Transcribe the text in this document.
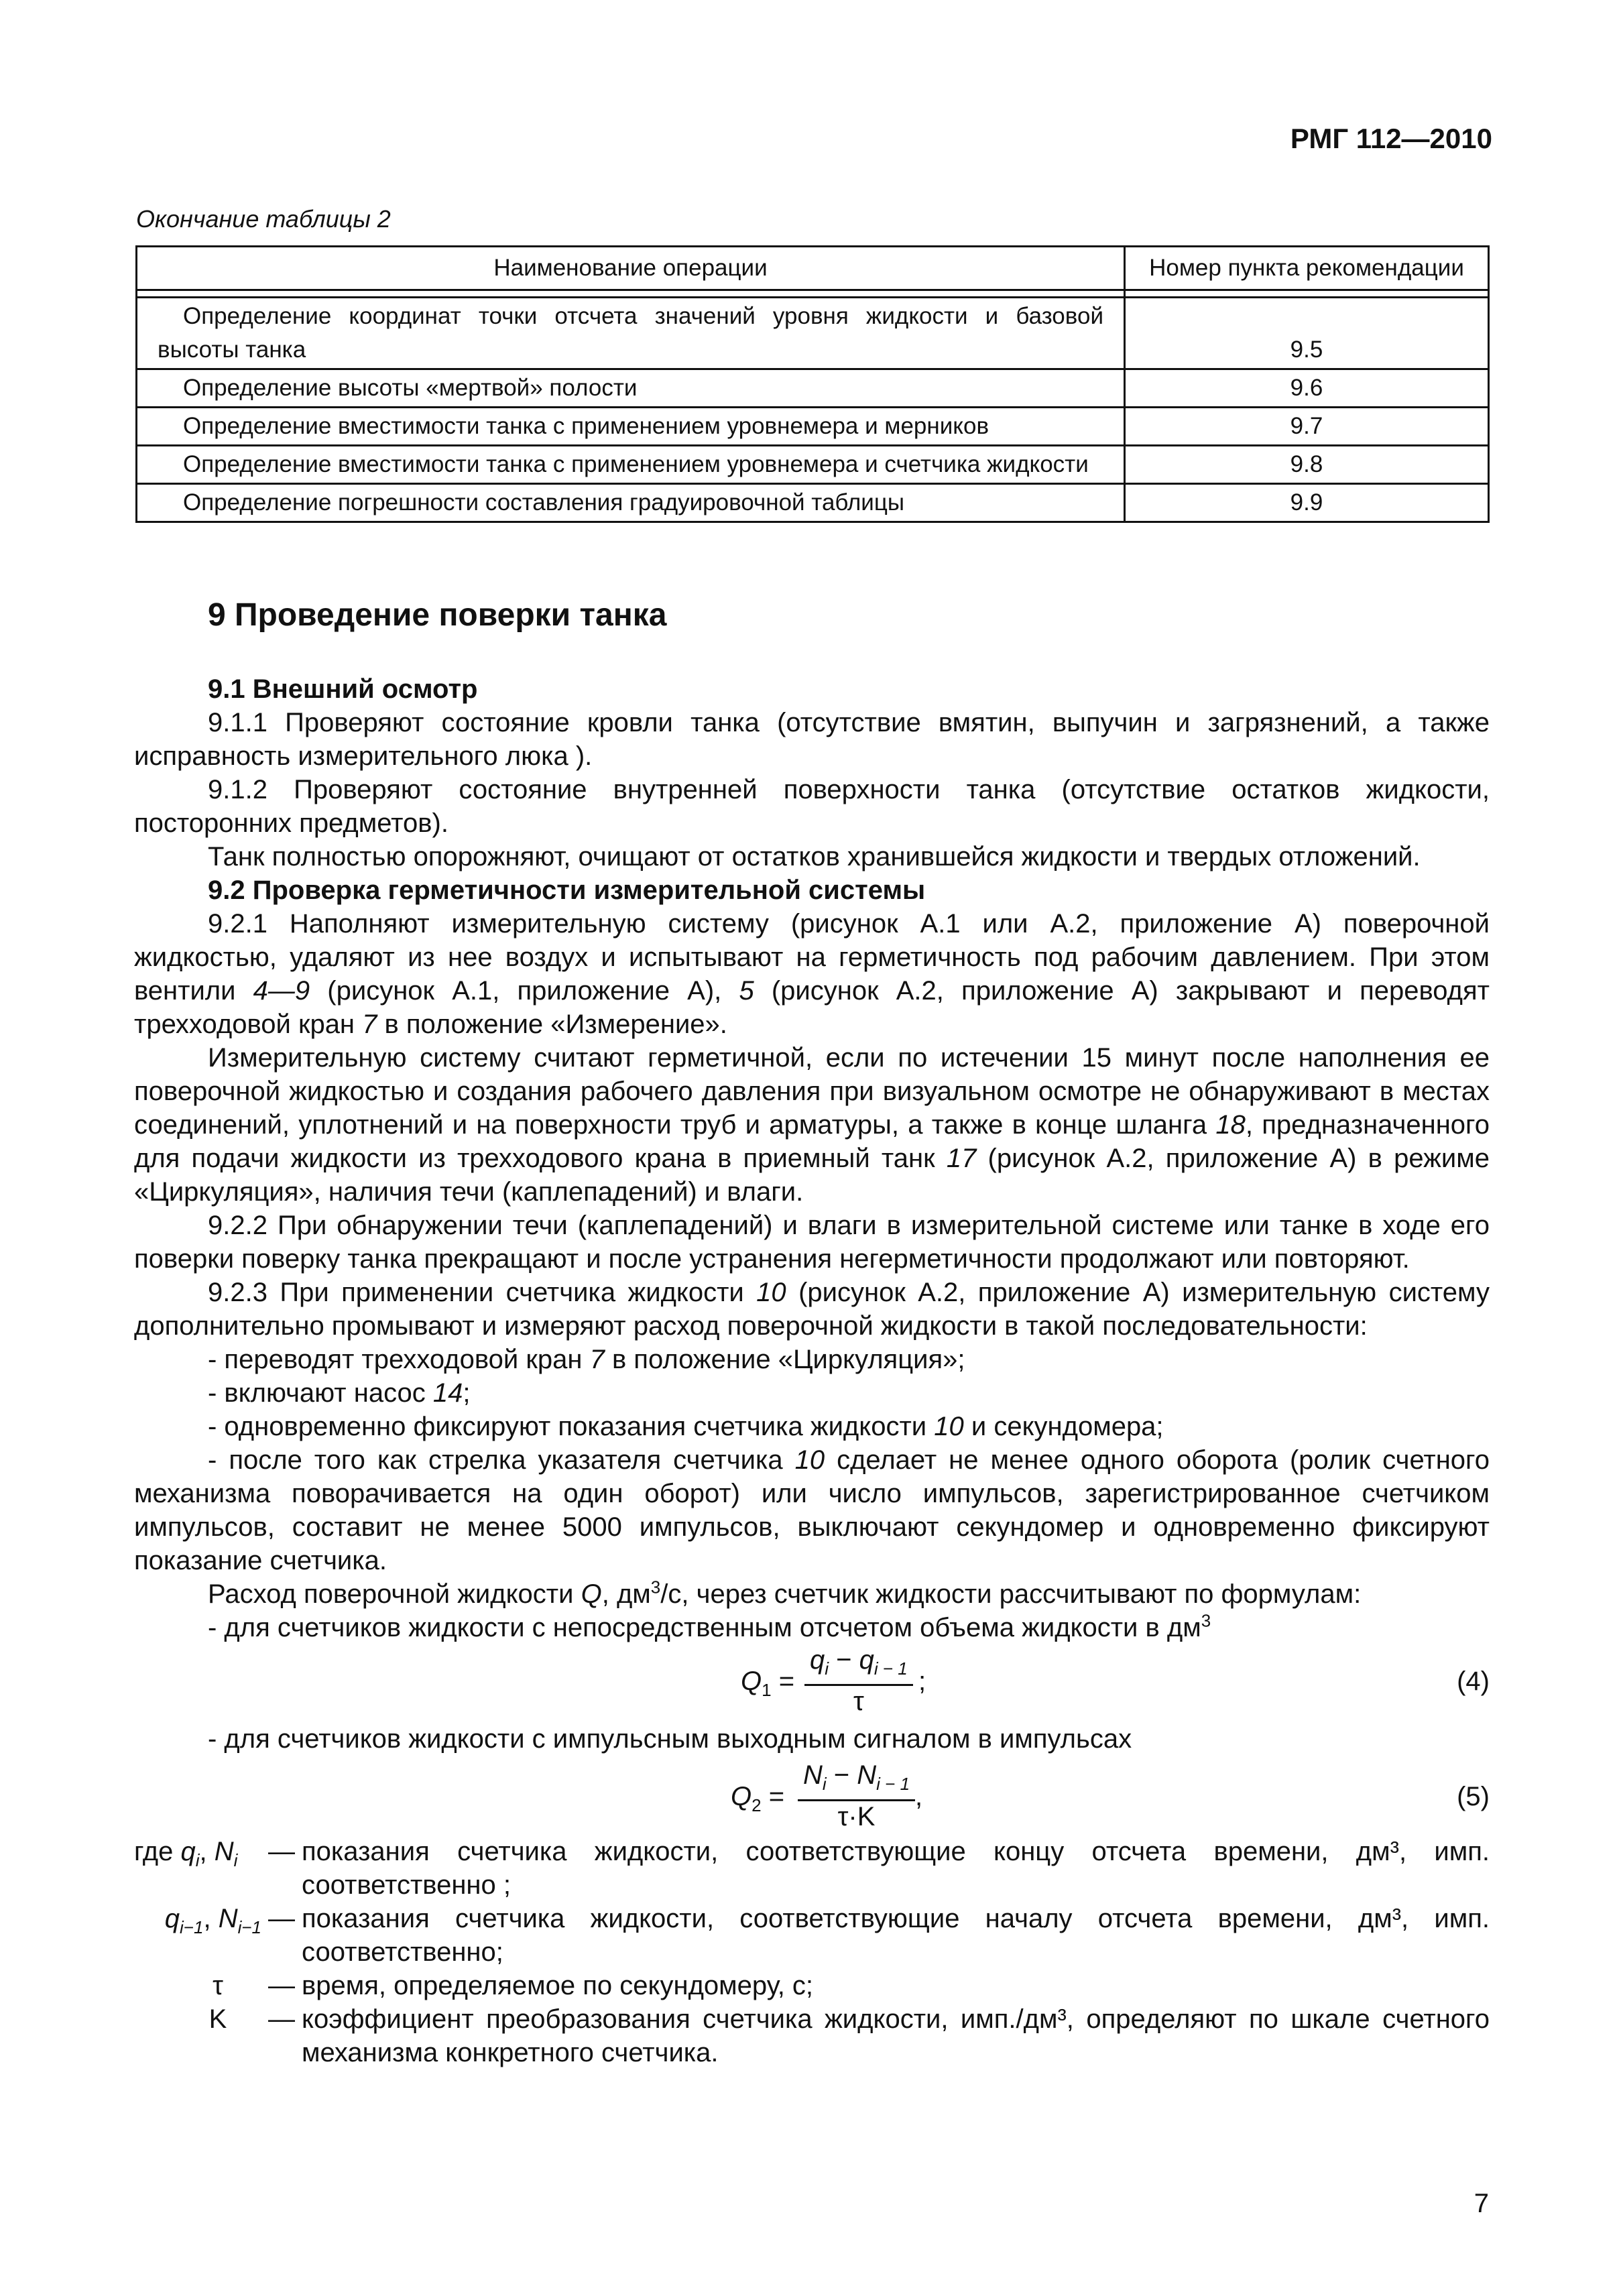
РМГ 112—2010
Окончание таблицы 2
Наименование операции	Номер пункта рекомендации

Определение координат точки отсчета значений уровня жидкости и базовой высоты танка	9.5
Определение высоты «мертвой» полости	9.6
Определение вместимости танка с применением уровнемера и мерников	9.7
Определение вместимости танка с применением уровнемера и счетчика жидкости	9.8
Определение погрешности составления градуировочной таблицы	9.9
9 Проведение поверки танка

9.1 Внешний осмотр

9.1.1 Проверяют состояние кровли танка (отсутствие вмятин, выпучин и загрязнений, а также исправность измерительного люка ).

9.1.2 Проверяют состояние внутренней поверхности танка (отсутствие остатков жидкости, посторонних предметов).

Танк полностью опорожняют, очищают от остатков хранившейся жидкости и твердых отложений.

9.2 Проверка герметичности измерительной системы

9.2.1 Наполняют измерительную систему (рисунок А.1 или А.2, приложение А) поверочной жидкостью, удаляют из нее воздух и испытывают на герметичность под рабочим давлением. При этом вентили 4—9 (рисунок А.1, приложение А), 5 (рисунок А.2, приложение А) закрывают и переводят трехходовой кран 7 в положение «Измерение».

Измерительную систему считают герметичной, если по истечении 15 минут после наполнения ее поверочной жидкостью и создания рабочего давления при визуальном осмотре не обнаруживают в местах соединений, уплотнений и на поверхности труб и арматуры, а также в конце шланга 18, предназначенного для подачи жидкости из трехходового крана в приемный танк 17 (рисунок А.2, приложение А) в режиме «Циркуляция», наличия течи (каплепадений) и влаги.

9.2.2 При обнаружении течи (каплепадений) и влаги в измерительной системе или танке в ходе его поверки поверку танка прекращают и после устранения негерметичности продолжают или повторяют.

9.2.3 При применении счетчика жидкости 10 (рисунок А.2, приложение А) измерительную систему дополнительно промывают и измеряют расход поверочной жидкости в такой последовательности:

- переводят трехходовой кран 7 в положение «Циркуляция»;

- включают насос 14;

- одновременно фиксируют показания счетчика жидкости 10 и секундомера;

- после того как стрелка указателя счетчика 10 сделает не менее одного оборота (ролик счетного механизма поворачивается на один оборот) или число импульсов, зарегистрированное счетчиком импульсов, составит не менее 5000 импульсов, выключают секундомер и одновременно фиксируют показание счетчика.

Расход поверочной жидкости Q, $дм^3/с$, через счетчик жидкости рассчитывают по формулам:

- для счетчиков жидкости с непосредственным отсчетом объема жидкости в $дм^3$

$Q_1 = \frac{q_i - q_{i - 1}}{\tau}$ ;	(4)

- для счетчиков жидкости с импульсным выходным сигналом в импульсах

$Q_2 = \frac{N_i - N_{i - 1}}{\tau\cdot K}$ ,	(5)
где $q_i$, $N_i$	— показания счетчика жидкости, соответствующие концу отсчета времени, дм³, имп. соответственно ;
$q_{i-1}$, $N_{i-1}$ — показания счетчика жидкости, соответствующие началу отсчета времени, дм³, имп. соответственно;
τ	— время, определяемое по секундомеру, с;
K	— коэффициент преобразования счетчика жидкости, имп./дм³, определяют по шкале счетного механизма конкретного счетчика.
7
